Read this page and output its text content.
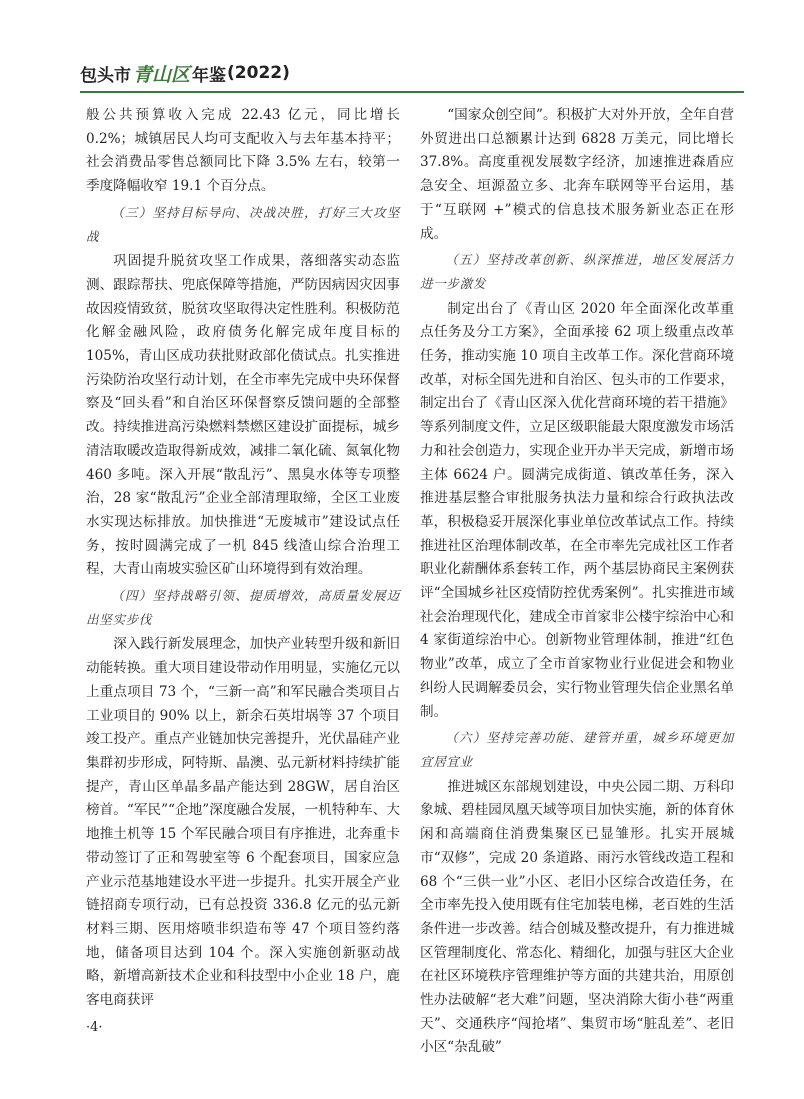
包头市 青山区 年鉴 (2022)

般公共预算收入完成 22.43 亿元，同比增长 0.2%；城镇居民人均可支配收入与去年基本持平；社会消费品零售总额同比下降 3.5% 左右，较第一季度降幅收窄 19.1 个百分点。

（三）坚持目标导向、决战决胜，打好三大攻坚战

巩固提升脱贫攻坚工作成果，落细落实动态监测、跟踪帮扶、兜底保障等措施，严防因病因灾因事故因疫情致贫，脱贫攻坚取得决定性胜利。积极防范化解金融风险，政府债务化解完成年度目标的 105%，青山区成功获批财政部化债试点。扎实推进污染防治攻坚行动计划，在全市率先完成中央环保督察及“回头看”和自治区环保督察反馈问题的全部整改。持续推进高污染燃料禁燃区建设扩面提标，城乡清洁取暖改造取得新成效，减排二氧化硫、氮氧化物 460 多吨。深入开展“散乱污”、黑臭水体等专项整治，28 家“散乱污”企业全部清理取缔，全区工业废水实现达标排放。加快推进“无废城市”建设试点任务，按时圆满完成了一机 845 线渣山综合治理工程，大青山南坡实验区矿山环境得到有效治理。

（四）坚持战略引领、提质增效，高质量发展迈出坚实步伐

深入践行新发展理念，加快产业转型升级和新旧动能转换。重大项目建设带动作用明显，实施亿元以上重点项目 73 个，“三新一高”和军民融合类项目占工业项目的 90% 以上，新余石英坩埚等 37 个项目竣工投产。重点产业链加快完善提升，光伏晶硅产业集群初步形成，阿特斯、晶澳、弘元新材料持续扩能提产，青山区单晶多晶产能达到 28GW，居自治区榜首。“军民”“企地”深度融合发展，一机特种车、大地推土机等 15 个军民融合项目有序推进，北奔重卡带动签订了正和驾驶室等 6 个配套项目，国家应急产业示范基地建设水平进一步提升。扎实开展全产业链招商专项行动，已有总投资 336.8 亿元的弘元新材料三期、医用熔喷非织造布等 47 个项目签约落地，储备项目达到 104 个。深入实施创新驱动战略，新增高新技术企业和科技型中小企业 18 户，鹿客电商获评

“国家众创空间”。积极扩大对外开放，全年自营外贸进出口总额累计达到 6828 万美元，同比增长 37.8%。高度重视发展数字经济，加速推进森盾应急安全、垣源盈立多、北奔车联网等平台运用，基于“互联网 +”模式的信息技术服务新业态正在形成。

（五）坚持改革创新、纵深推进，地区发展活力进一步激发

制定出台了《青山区 2020 年全面深化改革重点任务及分工方案》，全面承接 62 项上级重点改革任务，推动实施 10 项自主改革工作。深化营商环境改革，对标全国先进和自治区、包头市的工作要求，制定出台了《青山区深入优化营商环境的若干措施》等系列制度文件，立足区级职能最大限度激发市场活力和社会创造力，实现企业开办半天完成，新增市场主体 6624 户。圆满完成街道、镇改革任务，深入推进基层整合审批服务执法力量和综合行政执法改革，积极稳妥开展深化事业单位改革试点工作。持续推进社区治理体制改革，在全市率先完成社区工作者职业化薪酬体系套转工作，两个基层协商民主案例获评“全国城乡社区疫情防控优秀案例”。扎实推进市域社会治理现代化，建成全市首家非公楼宇综治中心和 4 家街道综治中心。创新物业管理体制，推进“红色物业”改革，成立了全市首家物业行业促进会和物业纠纷人民调解委员会，实行物业管理失信企业黑名单制。

（六）坚持完善功能、建管并重，城乡环境更加宜居宜业

推进城区东部规划建设，中央公园二期、万科印象城、碧桂园凤凰天域等项目加快实施，新的体育休闲和高端商住消费集聚区已显雏形。扎实开展城市“双修”，完成 20 条道路、雨污水管线改造工程和 68 个“三供一业”小区、老旧小区综合改造任务，在全市率先投入使用既有住宅加装电梯，老百姓的生活条件进一步改善。结合创城及整改提升，有力推进城区管理制度化、常态化、精细化，加强与驻区大企业在社区环境秩序管理维护等方面的共建共治，用原创性办法破解“老大难”问题，坚决消除大街小巷“两重天”、交通秩序“闯抢堵”、集贸市场“脏乱差”、老旧小区“杂乱破”

·4·
